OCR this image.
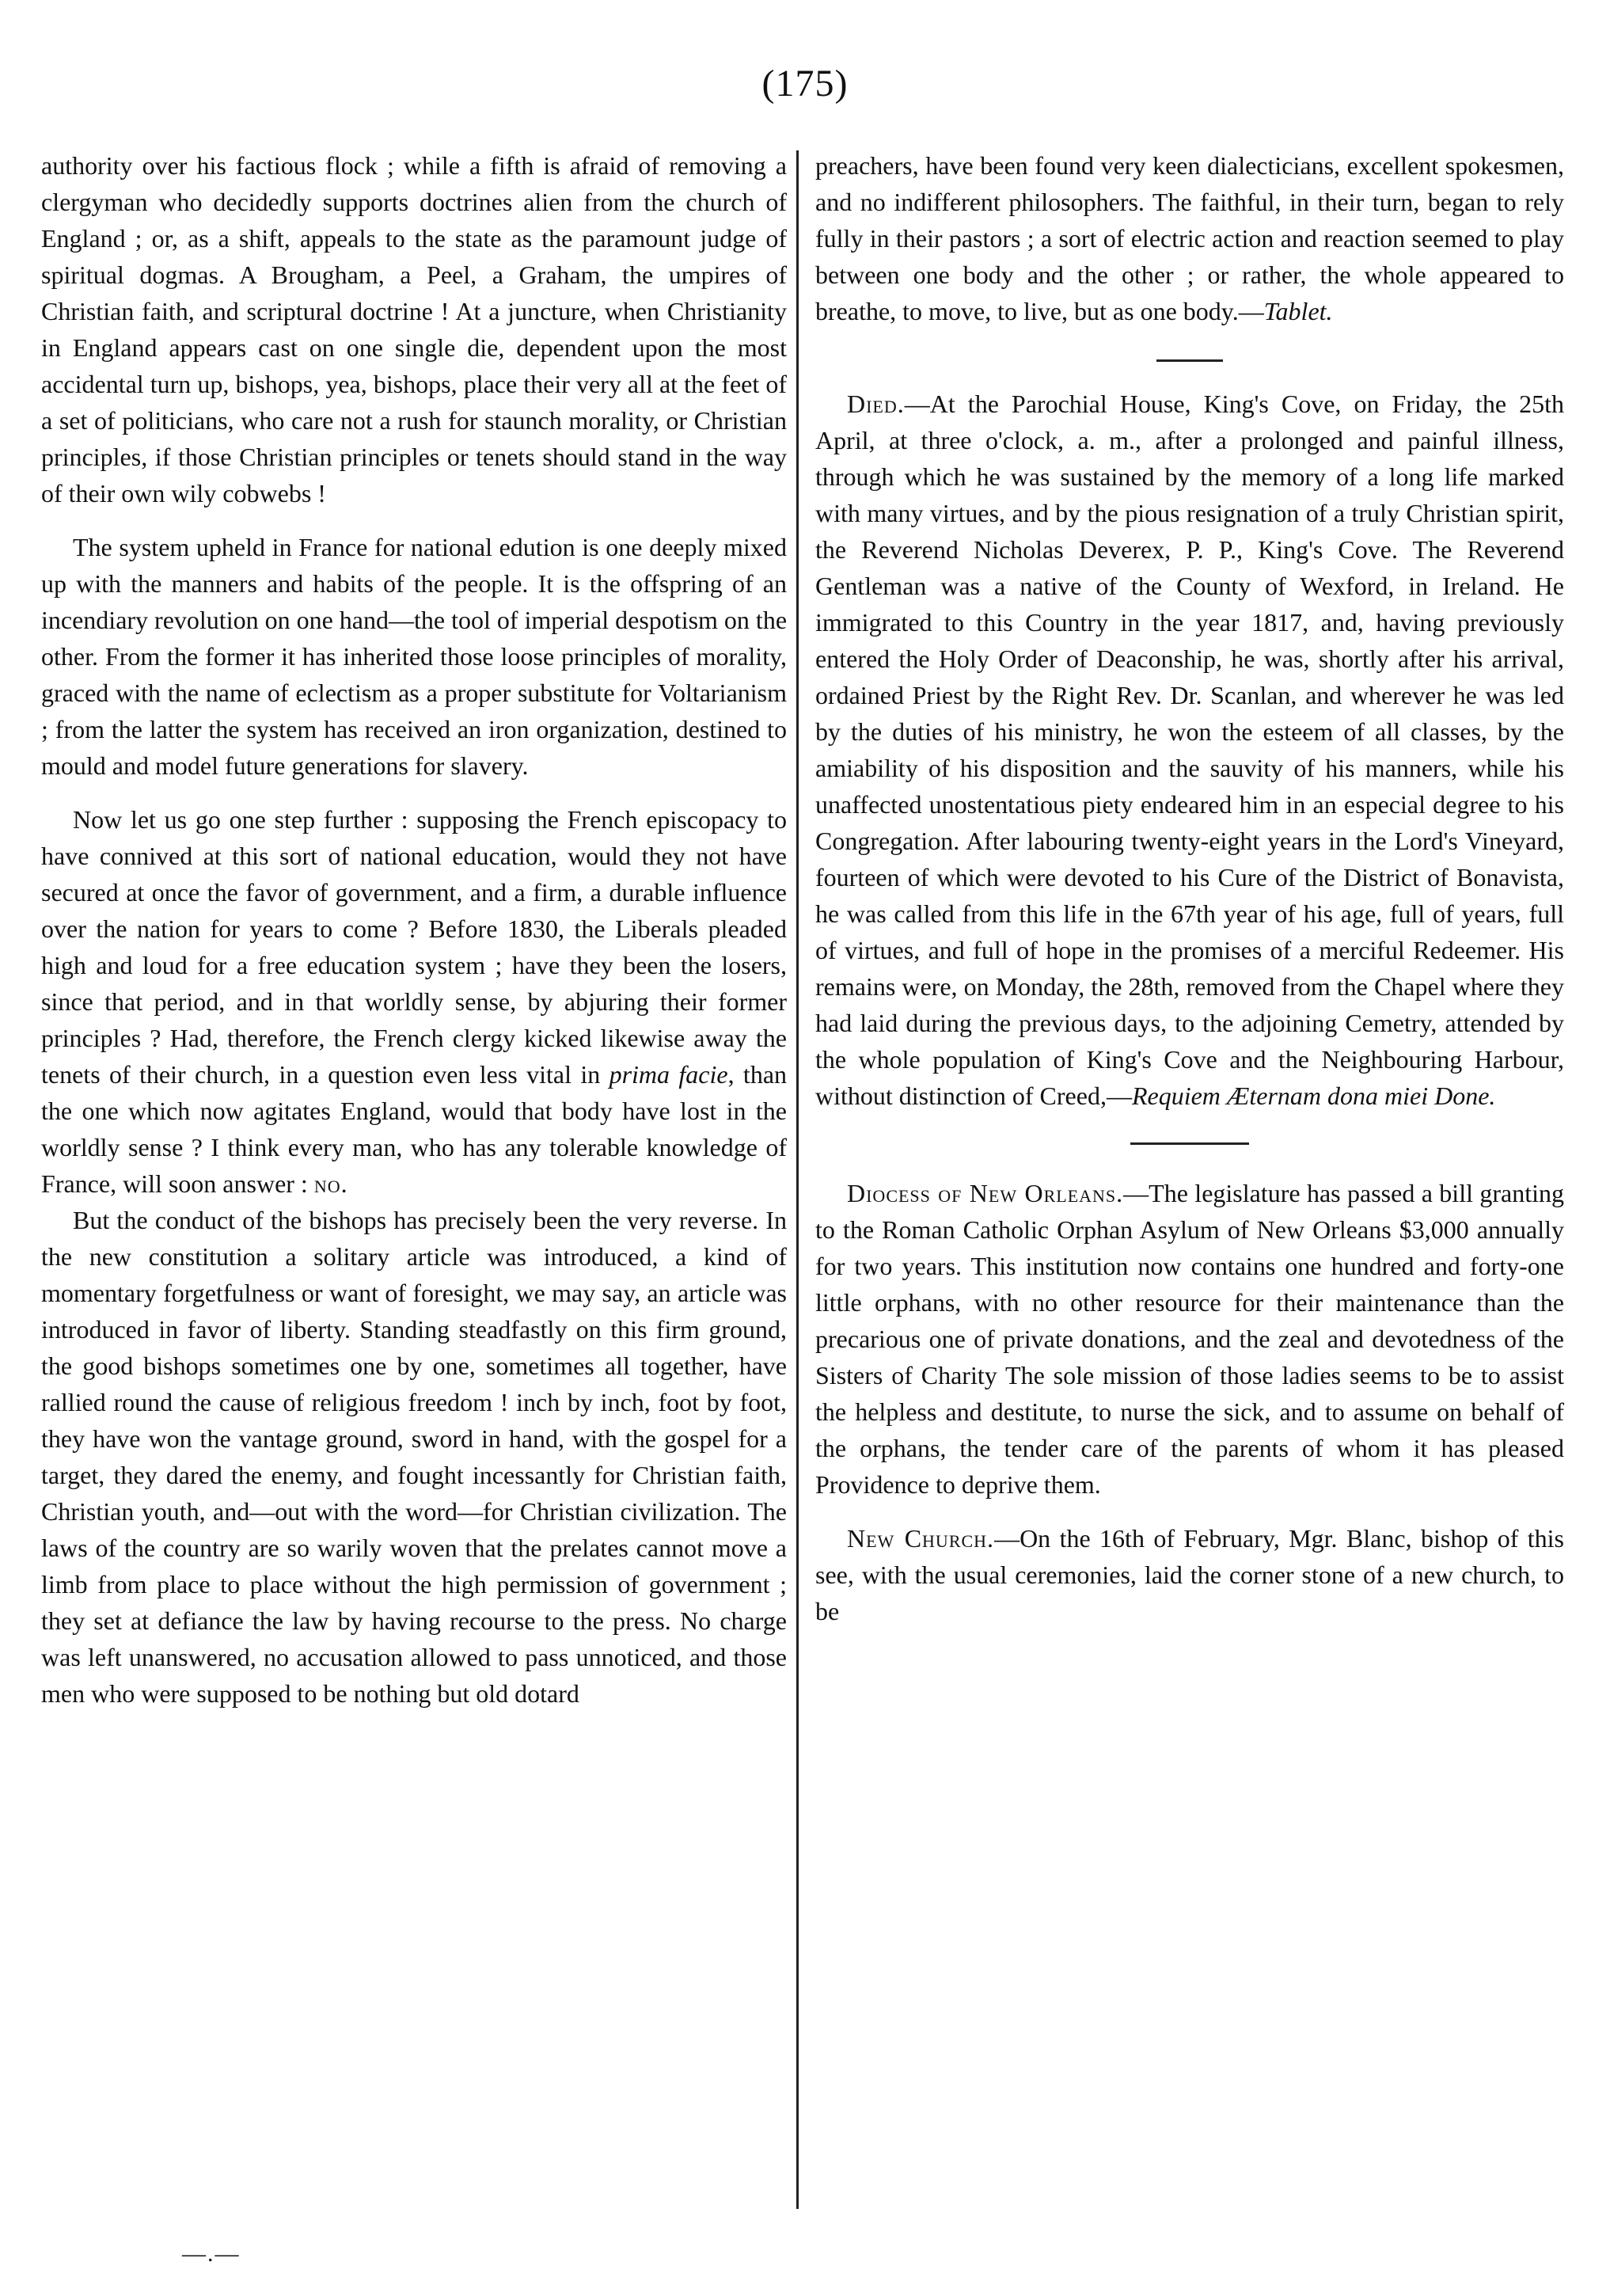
(175)

authority over his factious flock ; while a fifth is afraid of removing a clergyman who decidedly supports doctrines alien from the church of England ; or, as a shift, appeals to the state as the paramount judge of spiritual dogmas. A Brougham, a Peel, a Graham, the umpires of Christian faith, and scriptural doctrine ! At a juncture, when Christianity in England appears cast on one single die, dependent upon the most accidental turn up, bishops, yea, bishops, place their very all at the feet of a set of politicians, who care not a rush for staunch morality, or Christian principles, if those Christian principles or tenets should stand in the way of their own wily cobwebs !

The system upheld in France for national edution is one deeply mixed up with the manners and habits of the people. It is the offspring of an incendiary revolution on one hand—the tool of imperial despotism on the other. From the former it has inherited those loose principles of morality, graced with the name of eclectism as a proper substitute for Voltarianism ; from the latter the system has received an iron organization, destined to mould and model future generations for slavery.

Now let us go one step further : supposing the French episcopacy to have connived at this sort of national education, would they not have secured at once the favor of government, and a firm, a durable influence over the nation for years to come ? Before 1830, the Liberals pleaded high and loud for a free education system ; have they been the losers, since that period, and in that worldly sense, by abjuring their former principles ? Had, therefore, the French clergy kicked likewise away the tenets of their church, in a question even less vital in prima facie, than the one which now agitates England, would that body have lost in the worldly sense ? I think every man, who has any tolerable knowledge of France, will soon answer : no.

But the conduct of the bishops has precisely been the very reverse. In the new constitution a solitary article was introduced, a kind of momentary forgetfulness or want of foresight, we may say, an article was introduced in favor of liberty. Standing steadfastly on this firm ground, the good bishops sometimes one by one, sometimes all together, have rallied round the cause of religious freedom ! inch by inch, foot by foot, they have won the vantage ground, sword in hand, with the gospel for a target, they dared the enemy, and fought incessantly for Christian faith, Christian youth, and—out with the word—for Christian civilization. The laws of the country are so warily woven that the prelates cannot move a limb from place to place without the high permission of government ; they set at defiance the law by having recourse to the press. No charge was left unanswered, no accusation allowed to pass unnoticed, and those men who were supposed to be nothing but old dotard

preachers, have been found very keen dialecticians, excellent spokesmen, and no indifferent philosophers. The faithful, in their turn, began to rely fully in their pastors ; a sort of electric action and reaction seemed to play between one body and the other ; or rather, the whole appeared to breathe, to move, to live, but as one body.—Tablet.

Died.—At the Parochial House, King's Cove, on Friday, the 25th April, at three o'clock, a. m., after a prolonged and painful illness, through which he was sustained by the memory of a long life marked with many virtues, and by the pious resignation of a truly Christian spirit, the Reverend Nicholas Deverex, P. P., King's Cove. The Reverend Gentleman was a native of the County of Wexford, in Ireland. He immigrated to this Country in the year 1817, and, having previously entered the Holy Order of Deaconship, he was, shortly after his arrival, ordained Priest by the Right Rev. Dr. Scanlan, and wherever he was led by the duties of his ministry, he won the esteem of all classes, by the amiability of his disposition and the sauvity of his manners, while his unaffected unostentatious piety endeared him in an especial degree to his Congregation. After labouring twenty-eight years in the Lord's Vineyard, fourteen of which were devoted to his Cure of the District of Bonavista, he was called from this life in the 67th year of his age, full of years, full of virtues, and full of hope in the promises of a merciful Redeemer. His remains were, on Monday, the 28th, removed from the Chapel where they had laid during the previous days, to the adjoining Cemetry, attended by the whole population of King's Cove and the Neighbouring Harbour, without distinction of Creed,—Requiem Æternam dona miei Done.

Diocess of New Orleans.—The legislature has passed a bill granting to the Roman Catholic Orphan Asylum of New Orleans $3,000 annually for two years. This institution now contains one hundred and forty-one little orphans, with no other resource for their maintenance than the precarious one of private donations, and the zeal and devotedness of the Sisters of Charity The sole mission of those ladies seems to be to assist the helpless and destitute, to nurse the sick, and to assume on behalf of the orphans, the tender care of the parents of whom it has pleased Providence to deprive them.

New Church.—On the 16th of February, Mgr. Blanc, bishop of this see, with the usual ceremonies, laid the corner stone of a new church, to be

—.—
